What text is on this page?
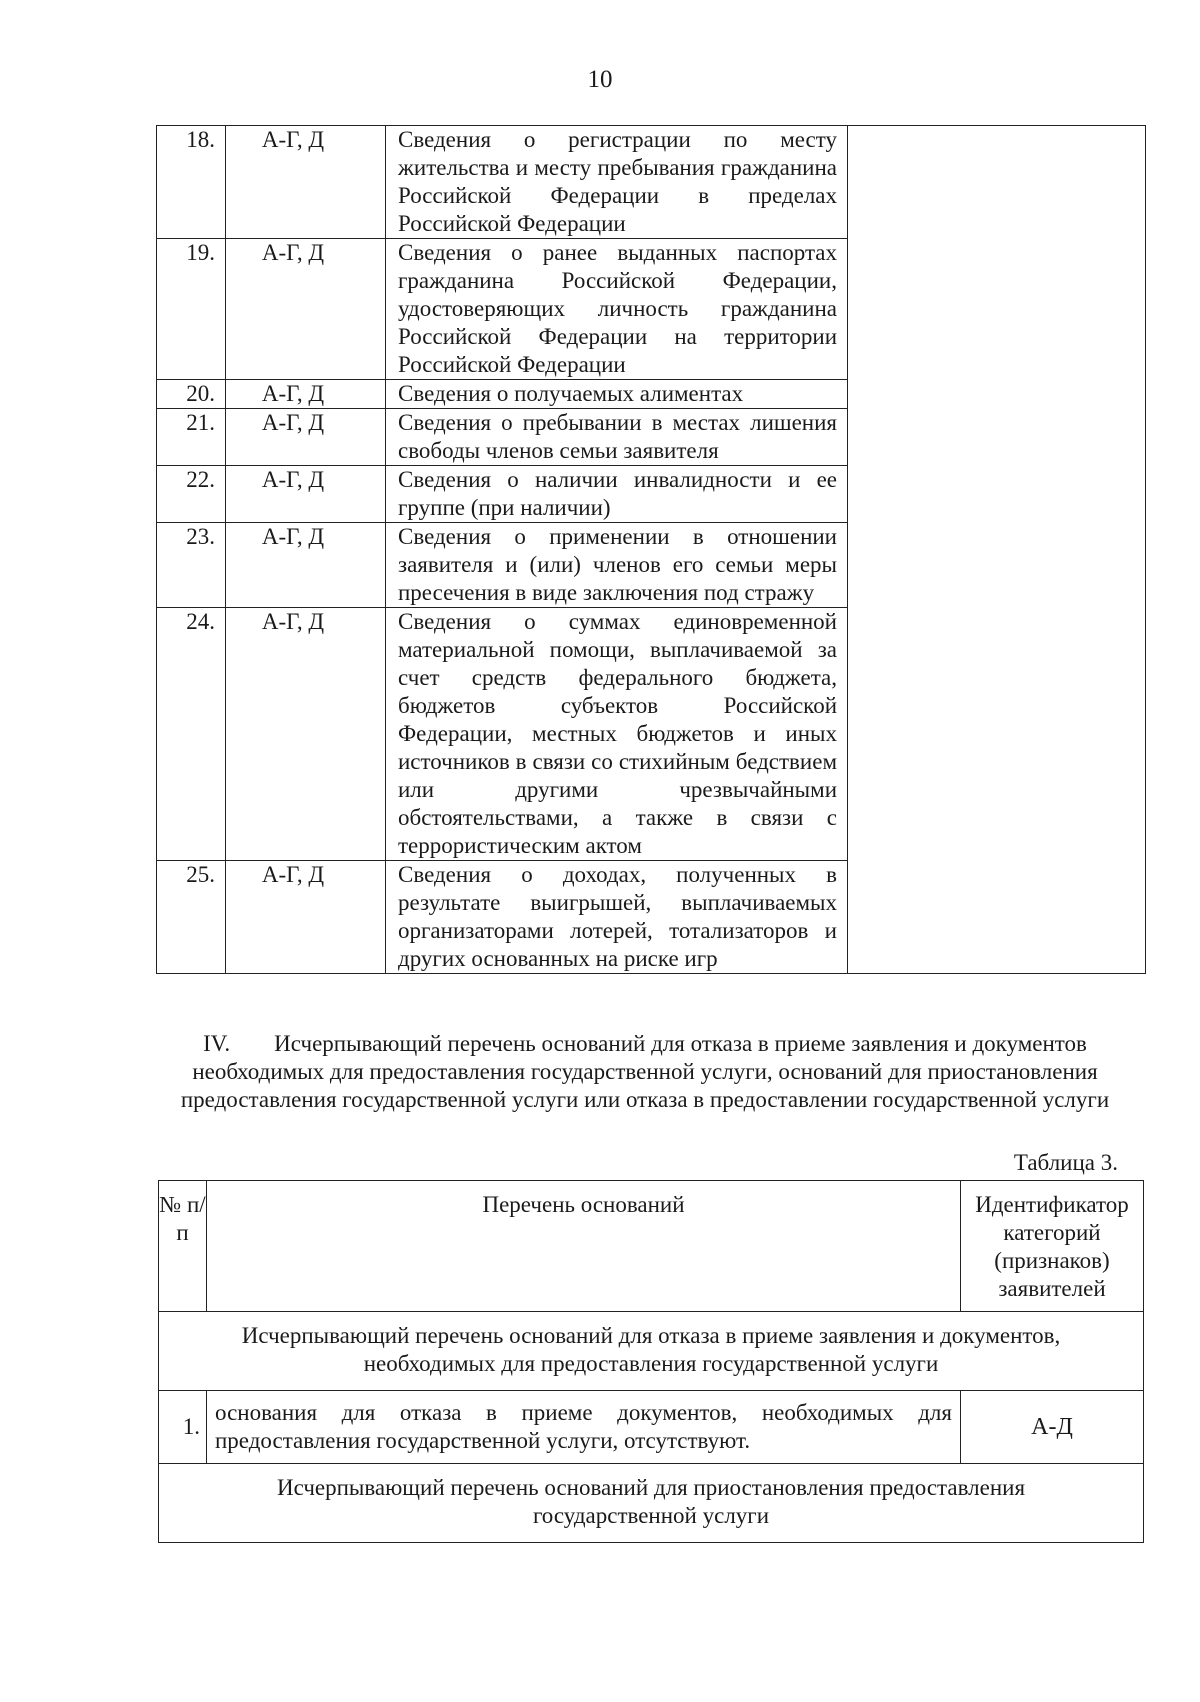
10
18.	А-Г, Д	Сведения о регистрации по месту жительства и месту пребывания гражданина Российской Федерации в пределах Российской Федерации	
19.	А-Г, Д	Сведения о ранее выданных паспортах гражданина Российской Федерации, удостоверяющих личность гражданина Российской Федерации на территории Российской Федерации	
20.	А-Г, Д	Сведения о получаемых алиментах	
21.	А-Г, Д	Сведения о пребывании в местах лишения свободы членов семьи заявителя	
22.	А-Г, Д	Сведения о наличии инвалидности и ее группе (при наличии)	
23.	А-Г, Д	Сведения о применении в отношении заявителя и (или) членов его семьи меры пресечения в виде заключения под стражу	
24.	А-Г, Д	Сведения о суммах единовременной материальной помощи, выплачиваемой за счет средств федерального бюджета, бюджетов субъектов Российской Федерации, местных бюджетов и иных источников в связи со стихийным бедствием или другими чрезвычайными обстоятельствами, а также в связи с террористическим актом	
25.	А-Г, Д	Сведения о доходах, полученных в результате выигрышей, выплачиваемых организаторами лотерей, тотализаторов и других основанных на риске игр	
IV. Исчерпывающий перечень оснований для отказа в приеме заявления и документов необходимых для предоставления государственной услуги, оснований для приостановления предоставления государственной услуги или отказа в предоставлении государственной услуги
Таблица 3.
№ п/п	Перечень оснований	Идентификатор категорий (признаков) заявителей
Исчерпывающий перечень оснований для отказа в приеме заявления и документов, необходимых для предоставления государственной услуги		
1.	основания для отказа в приеме документов, необходимых для предоставления государственной услуги, отсутствуют.	А-Д
Исчерпывающий перечень оснований для приостановления предоставления государственной услуги		
